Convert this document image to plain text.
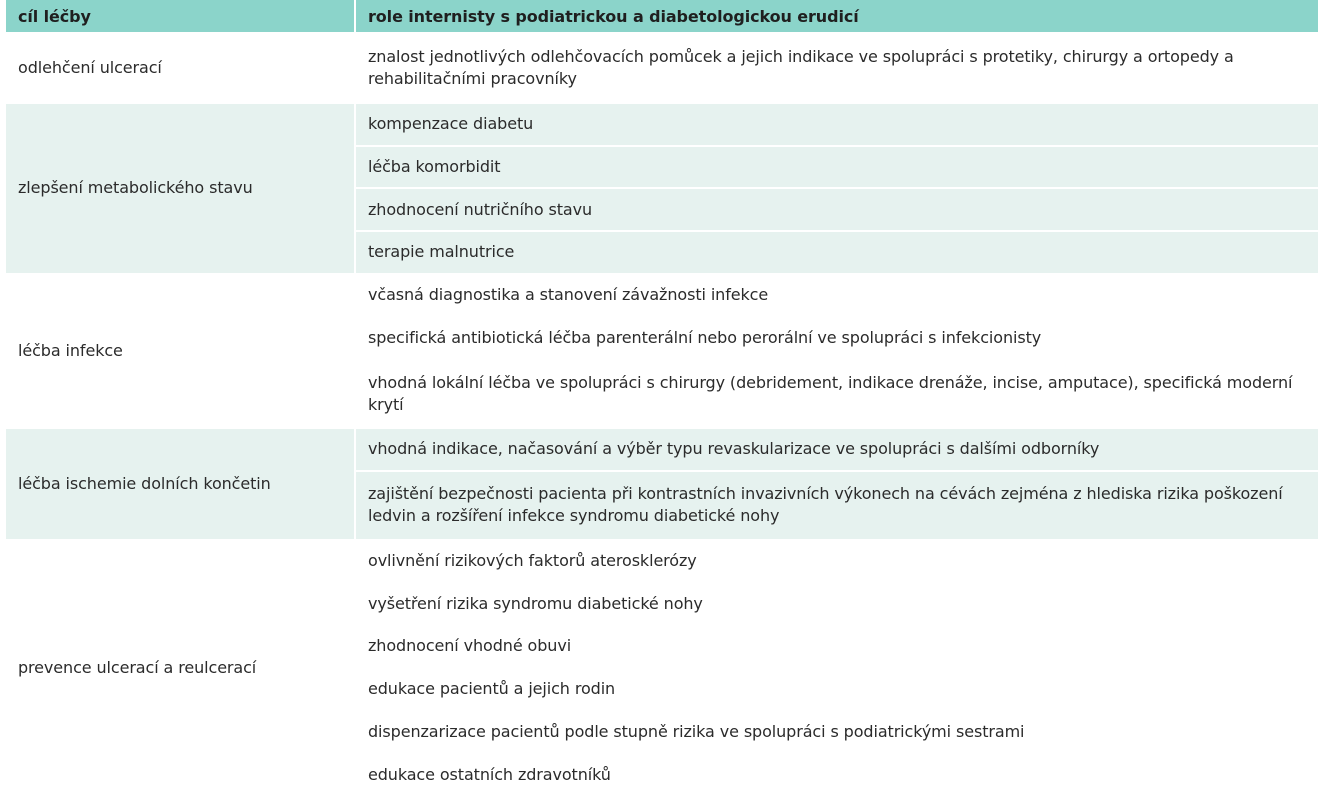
cíl léčby	role internisty s podiatrickou a diabetologickou erudicí
odlehčení ulcerací	znalost jednotlivých odlehčovacích pomůcek a jejich indikace ve spolupráci s protetiky, chirurgy a ortopedy a rehabilitačními pracovníky
zlepšení metabolického stavu	kompenzace diabetu
	léčba komorbidit
	zhodnocení nutričního stavu
	terapie malnutrice
léčba infekce	včasná diagnostika a stanovení závažnosti infekce
	specifická antibiotická léčba parenterální nebo perorální ve spolupráci s infekcionisty
	vhodná lokální léčba ve spolupráci s chirurgy (debridement, indikace drenáže, incise, amputace), specifická moderní krytí
léčba ischemie dolních končetin	vhodná indikace, načasování a výběr typu revaskularizace ve spolupráci s dalšími odborníky
	zajištění bezpečnosti pacienta při kontrastních invazivních výkonech na cévách zejména z hlediska rizika poškození ledvin a rozšíření infekce syndromu diabetické nohy
prevence ulcerací a reulcerací	ovlivnění rizikových faktorů aterosklerózy
	vyšetření rizika syndromu diabetické nohy
	zhodnocení vhodné obuvi
	edukace pacientů a jejich rodin
	dispenzarizace pacientů podle stupně rizika ve spolupráci s podiatrickými sestrami
	edukace ostatních zdravotníků
